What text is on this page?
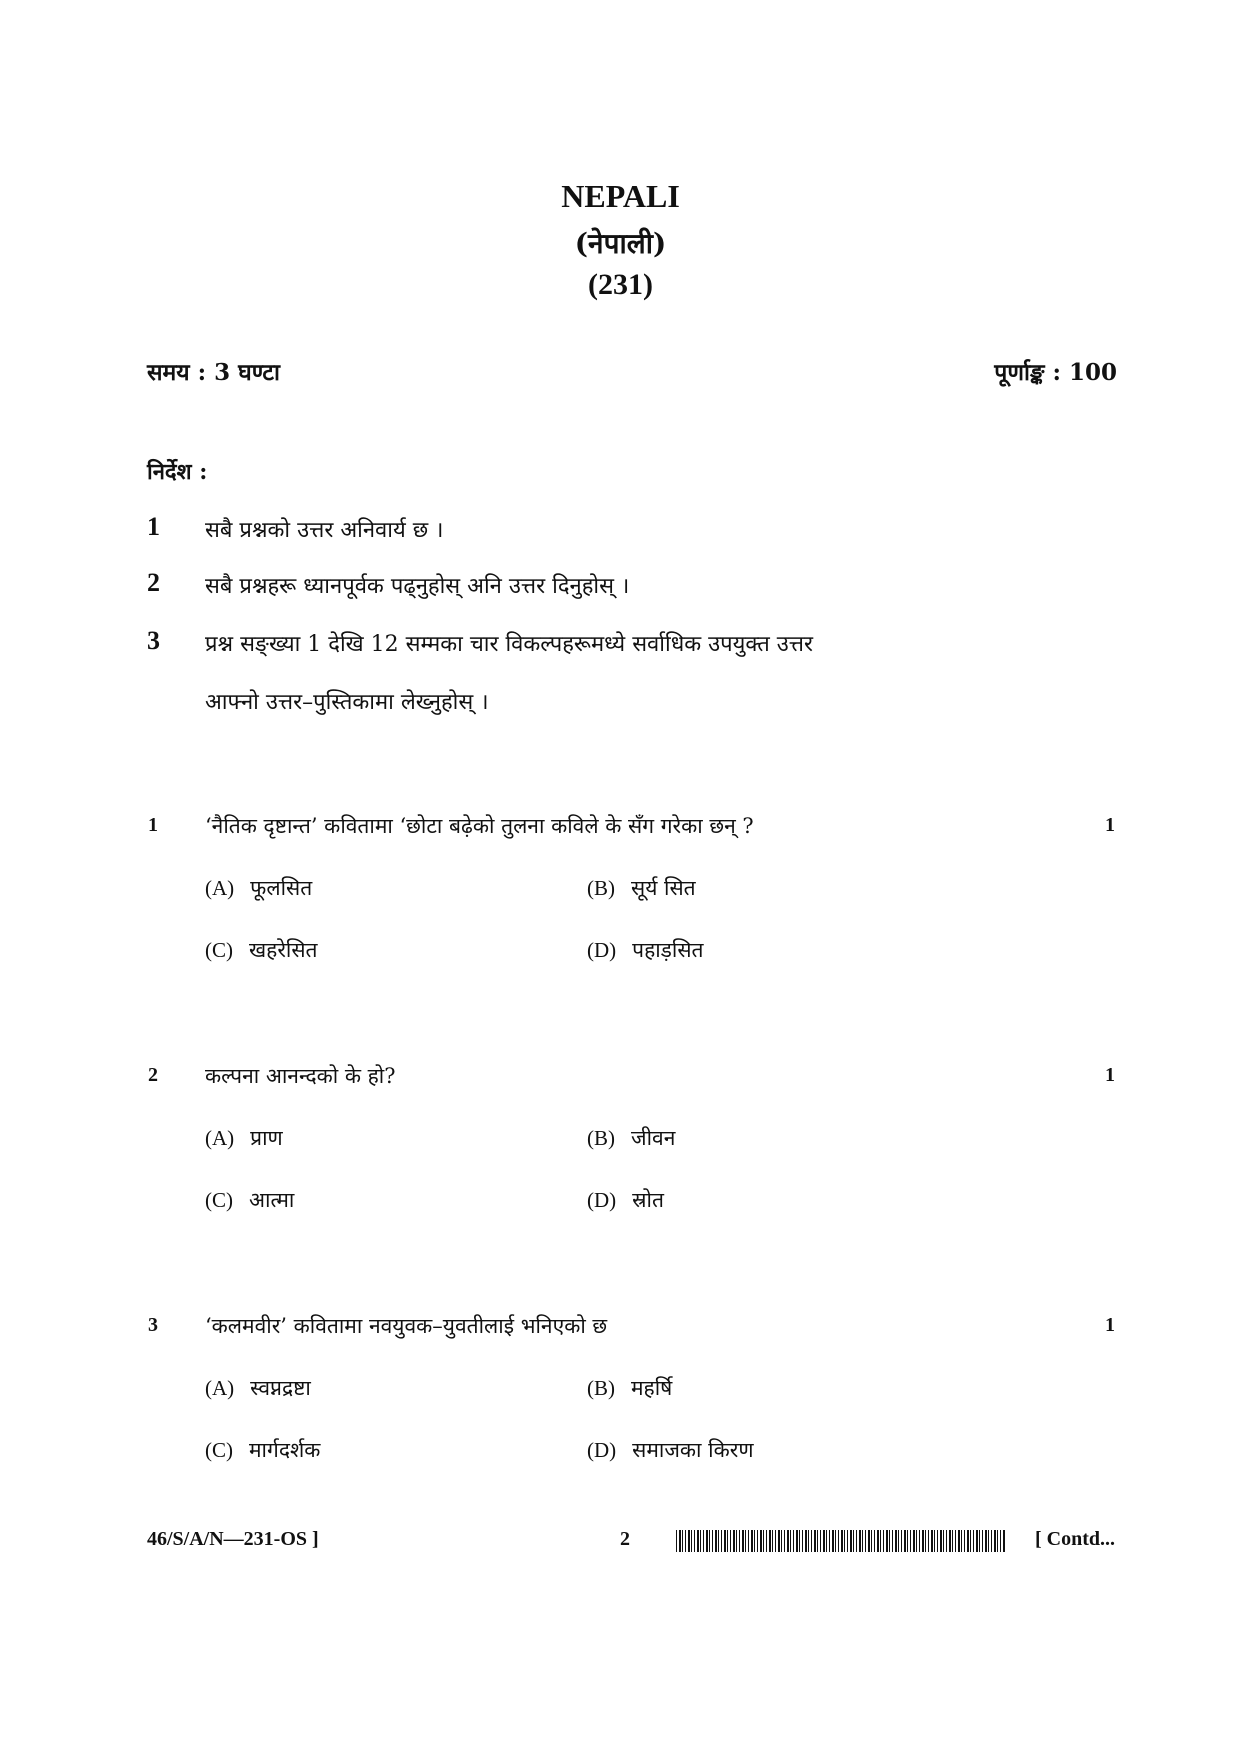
NEPALI
(नेपाली)
(231)
समय : 3 घण्टा	पूर्णाङ्क : 100
निर्देश :
1 सबै प्रश्नको उत्तर अनिवार्य छ ।
2 सबै प्रश्नहरू ध्यानपूर्वक पढ्नुहोस् अनि उत्तर दिनुहोस् ।
3 प्रश्न सङ्ख्या 1 देखि 12 सम्मका चार विकल्पहरूमध्ये सर्वाधिक उपयुक्त उत्तर
आफ्नो उत्तर–पुस्तिकामा लेख्नुहोस् ।
1 ‘नैतिक दृष्टान्त’ कवितामा ‘छोटा बढ़ेको तुलना कविले के सँग गरेका छन् ?	1
(A) फूलसित	(B) सूर्य सित
(C) खहरेसित	(D) पहाड़सित
2 कल्पना आनन्दको के हो?	1
(A) प्राण	(B) जीवन
(C) आत्मा	(D) स्रोत
3 ‘कलमवीर’ कवितामा नवयुवक–युवतीलाई भनिएको छ	1
(A) स्वप्नद्रष्टा	(B) महर्षि
(C) मार्गदर्शक	(D) समाजका किरण
46/S/A/N—231-OS ]	2	[ Contd...
